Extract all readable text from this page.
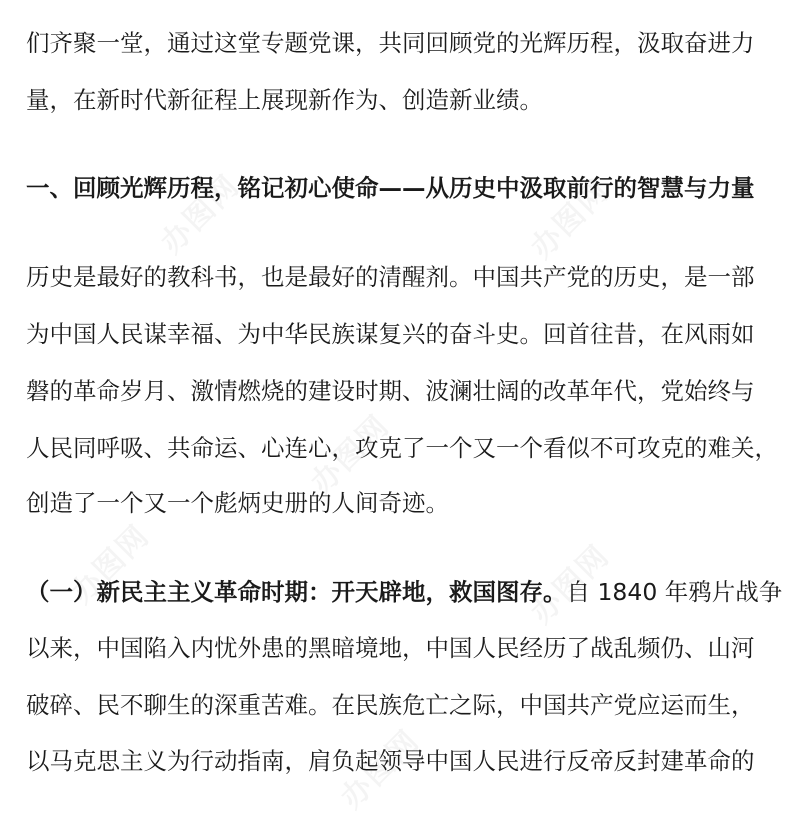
们齐聚一堂，通过这堂专题党课，共同回顾党的光辉历程，汲取奋进力
量，在新时代新征程上展现新作为、创造新业绩。
一、回顾光辉历程，铭记初心使命——从历史中汲取前行的智慧与力量
历史是最好的教科书，也是最好的清醒剂。中国共产党的历史，是一部
为中国人民谋幸福、为中华民族谋复兴的奋斗史。回首往昔，在风雨如
磐的革命岁月、激情燃烧的建设时期、波澜壮阔的改革年代，党始终与
人民同呼吸、共命运、心连心，攻克了一个又一个看似不可攻克的难关，
创造了一个又一个彪炳史册的人间奇迹。
（一）新民主主义革命时期：开天辟地，救国图存。自 1840 年鸦片战争
以来，中国陷入内忧外患的黑暗境地，中国人民经历了战乱频仍、山河
破碎、民不聊生的深重苦难。在民族危亡之际，中国共产党应运而生，
以马克思主义为行动指南，肩负起领导中国人民进行反帝反封建革命的
